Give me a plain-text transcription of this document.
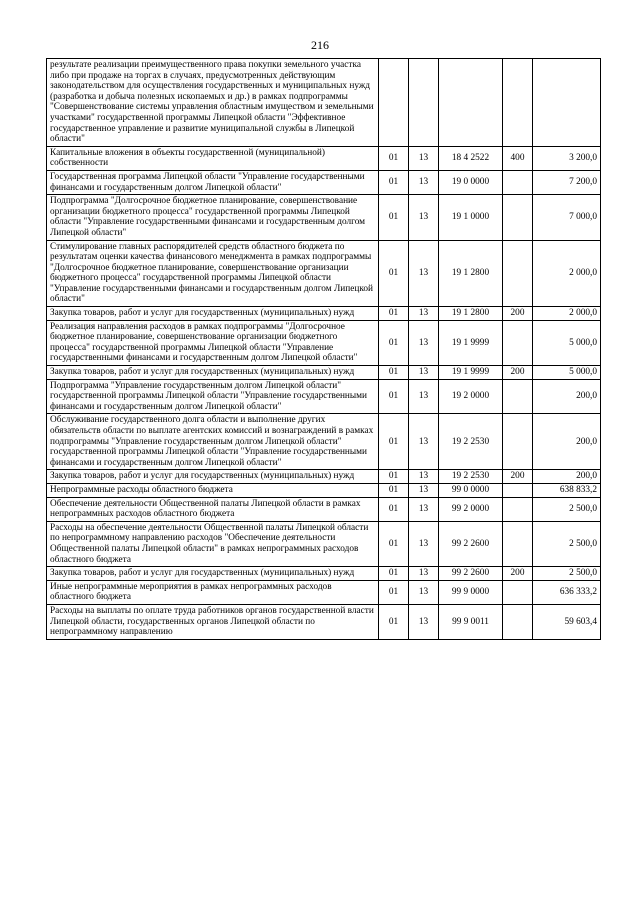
216
результате реализации преимущественного права покупки земельного участка либо при продаже на торгах в случаях, предусмотренных действующим законодательством для осуществления государственных и муниципальных нужд (разработка и добыча полезных ископаемых и др.) в рамках подпрограммы "Совершенствование системы управления областным имуществом и земельными участками" государственной программы Липецкой области "Эффективное государственное управление и развитие муниципальной службы в Липецкой области"					
Капитальные вложения в объекты государственной (муниципальной) собственности	01	13	18 4 2522	400	3 200,0
Государственная программа Липецкой области "Управление государственными финансами и государственным долгом Липецкой области"	01	13	19 0 0000		7 200,0
Подпрограмма "Долгосрочное бюджетное планирование, совершенствование организации бюджетного процесса" государственной программы Липецкой области "Управление государственными финансами и государственным долгом Липецкой области"	01	13	19 1 0000		7 000,0
Стимулирование главных распорядителей средств областного бюджета по результатам оценки качества финансового менеджмента в рамках подпрограммы "Долгосрочное бюджетное планирование, совершенствование организации бюджетного процесса" государственной программы Липецкой области "Управление государственными финансами и государственным долгом Липецкой области"	01	13	19 1 2800		2 000,0
Закупка товаров, работ и услуг для государственных (муниципальных) нужд	01	13	19 1 2800	200	2 000,0
Реализация направления расходов в рамках подпрограммы "Долгосрочное бюджетное планирование, совершенствование организации бюджетного процесса" государственной программы Липецкой области "Управление государственными финансами и государственным долгом Липецкой области"	01	13	19 1 9999		5 000,0
Закупка товаров, работ и услуг для государственных (муниципальных) нужд	01	13	19 1 9999	200	5 000,0
Подпрограмма "Управление государственным долгом Липецкой области" государственной программы Липецкой области "Управление государственными финансами и государственным долгом Липецкой области"	01	13	19 2 0000		200,0
Обслуживание государственного долга области и выполнение других обязательств области по выплате агентских комиссий и вознаграждений в рамках подпрограммы "Управление государственным долгом Липецкой области" государственной программы Липецкой области "Управление государственными финансами и государственным долгом Липецкой области"	01	13	19 2 2530		200,0
Закупка товаров, работ и услуг для государственных (муниципальных) нужд	01	13	19 2 2530	200	200,0
Непрограммные расходы областного бюджета	01	13	99 0 0000		638 833,2
Обеспечение деятельности Общественной палаты Липецкой области в рамках непрограммных расходов областного бюджета	01	13	99 2 0000		2 500,0
Расходы на обеспечение деятельности Общественной палаты Липецкой области по непрограммному направлению расходов "Обеспечение деятельности Общественной палаты Липецкой области" в рамках непрограммных расходов областного бюджета	01	13	99 2 2600		2 500,0
Закупка товаров, работ и услуг для государственных (муниципальных) нужд	01	13	99 2 2600	200	2 500,0
Иные непрограммные мероприятия в рамках непрограммных расходов областного бюджета	01	13	99 9 0000		636 333,2
Расходы на выплаты по оплате труда работников органов государственной власти Липецкой области, государственных органов Липецкой области по непрограммному направлению	01	13	99 9 0011		59 603,4
